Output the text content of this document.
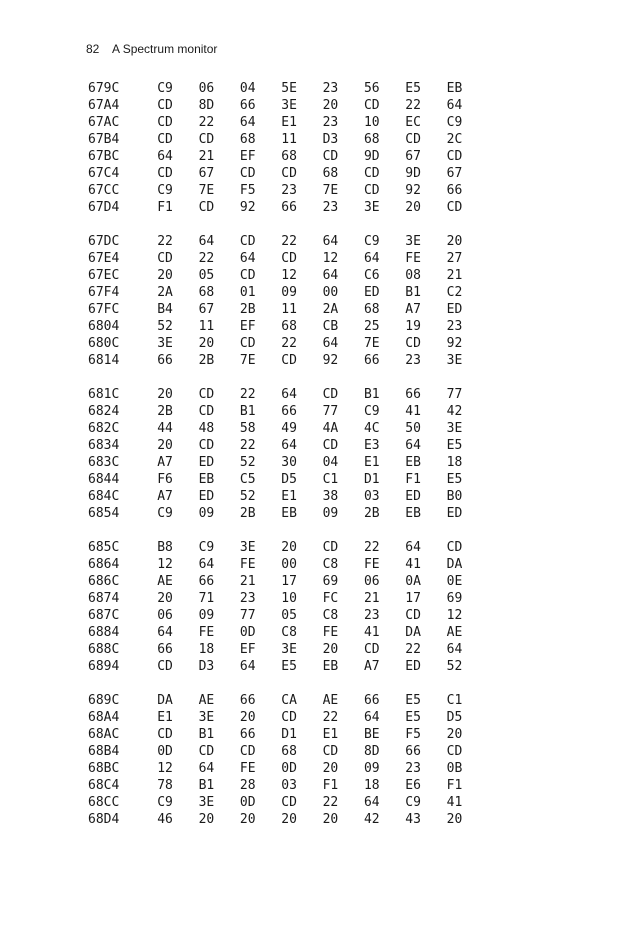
82 A Spectrum monitor
679C	C9	06	04	5E	23	56	E5	EB
67A4	CD	8D	66	3E	20	CD	22	64
67AC	CD	22	64	E1	23	10	EC	C9
67B4	CD	CD	68	11	D3	68	CD	2C
67BC	64	21	EF	68	CD	9D	67	CD
67C4	CD	67	CD	CD	68	CD	9D	67
67CC	C9	7E	F5	23	7E	CD	92	66
67D4	F1	CD	92	66	23	3E	20	CD
67DC	22	64	CD	22	64	C9	3E	20
67E4	CD	22	64	CD	12	64	FE	27
67EC	20	05	CD	12	64	C6	08	21
67F4	2A	68	01	09	00	ED	B1	C2
67FC	B4	67	2B	11	2A	68	A7	ED
6804	52	11	EF	68	CB	25	19	23
680C	3E	20	CD	22	64	7E	CD	92
6814	66	2B	7E	CD	92	66	23	3E
681C	20	CD	22	64	CD	B1	66	77
6824	2B	CD	B1	66	77	C9	41	42
682C	44	48	58	49	4A	4C	50	3E
6834	20	CD	22	64	CD	E3	64	E5
683C	A7	ED	52	30	04	E1	EB	18
6844	F6	EB	C5	D5	C1	D1	F1	E5
684C	A7	ED	52	E1	38	03	ED	B0
6854	C9	09	2B	EB	09	2B	EB	ED
685C	B8	C9	3E	20	CD	22	64	CD
6864	12	64	FE	00	C8	FE	41	DA
686C	AE	66	21	17	69	06	0A	0E
6874	20	71	23	10	FC	21	17	69
687C	06	09	77	05	C8	23	CD	12
6884	64	FE	0D	C8	FE	41	DA	AE
688C	66	18	EF	3E	20	CD	22	64
6894	CD	D3	64	E5	EB	A7	ED	52
689C	DA	AE	66	CA	AE	66	E5	C1
68A4	E1	3E	20	CD	22	64	E5	D5
68AC	CD	B1	66	D1	E1	BE	F5	20
68B4	0D	CD	CD	68	CD	8D	66	CD
68BC	12	64	FE	0D	20	09	23	0B
68C4	78	B1	28	03	F1	18	E6	F1
68CC	C9	3E	0D	CD	22	64	C9	41
68D4	46	20	20	20	20	42	43	20
